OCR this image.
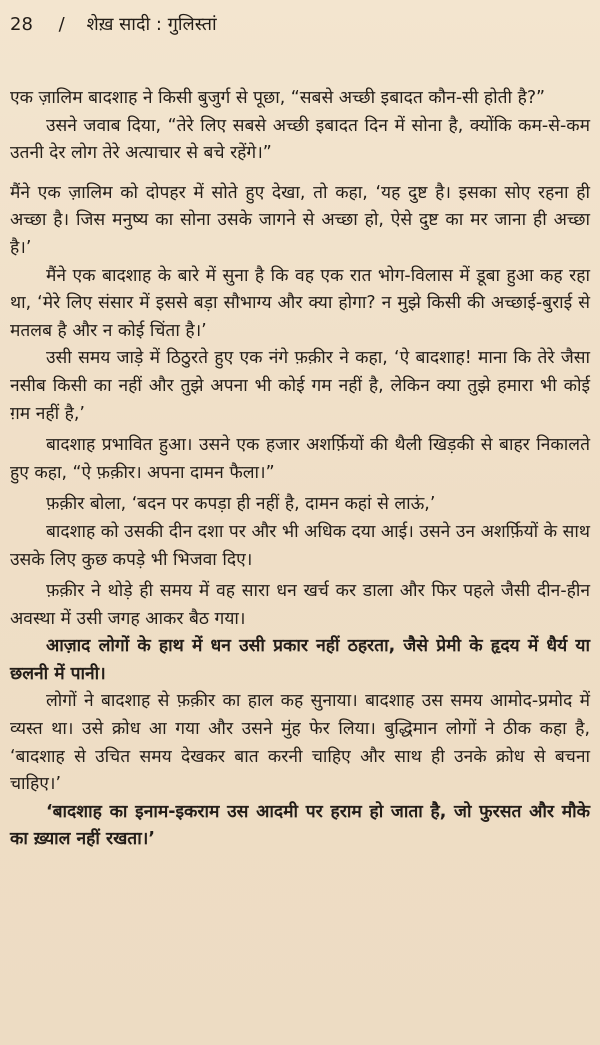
28 / शेख़ सादी : गुलिस्तां

एक ज़ालिम बादशाह ने किसी बुजुर्ग से पूछा, “सबसे अच्छी इबादत कौन-सी होती है?”

उसने जवाब दिया, “तेरे लिए सबसे अच्छी इबादत दिन में सोना है, क्योंकि कम-से-कम उतनी देर लोग तेरे अत्याचार से बचे रहेंगे।”

मैंने एक ज़ालिम को दोपहर में सोते हुए देखा, तो कहा, ‘यह दुष्ट है। इसका सोए रहना ही अच्छा है। जिस मनुष्य का सोना उसके जागने से अच्छा हो, ऐसे दुष्ट का मर जाना ही अच्छा है।’

मैंने एक बादशाह के बारे में सुना है कि वह एक रात भोग-विलास में डूबा हुआ कह रहा था, ‘मेरे लिए संसार में इससे बड़ा सौभाग्य और क्या होगा? न मुझे किसी की अच्छाई-बुराई से मतलब है और न कोई चिंता है।’

उसी समय जाड़े में ठिठुरते हुए एक नंगे फ़क़ीर ने कहा, ‘ऐ बादशाह! माना कि तेरे जैसा नसीब किसी का नहीं और तुझे अपना भी कोई गम नहीं है, लेकिन क्या तुझे हमारा भी कोई ग़म नहीं है,’

बादशाह प्रभावित हुआ। उसने एक हजार अशर्फ़ियों की थैली खिड़की से बाहर निकालते हुए कहा, “ऐ फ़क़ीर। अपना दामन फैला।”

फ़क़ीर बोला, ‘बदन पर कपड़ा ही नहीं है, दामन कहां से लाऊं,’

बादशाह को उसकी दीन दशा पर और भी अधिक दया आई। उसने उन अशर्फ़ियों के साथ उसके लिए कुछ कपड़े भी भिजवा दिए।

फ़क़ीर ने थोड़े ही समय में वह सारा धन खर्च कर डाला और फिर पहले जैसी दीन-हीन अवस्था में उसी जगह आकर बैठ गया।

आज़ाद लोगों के हाथ में धन उसी प्रकार नहीं ठहरता, जैसे प्रेमी के हृदय में धैर्य या छलनी में पानी।

लोगों ने बादशाह से फ़क़ीर का हाल कह सुनाया। बादशाह उस समय आमोद-प्रमोद में व्यस्त था। उसे क्रोध आ गया और उसने मुंह फेर लिया। बुद्धिमान लोगों ने ठीक कहा है, ‘बादशाह से उचित समय देखकर बात करनी चाहिए और साथ ही उनके क्रोध से बचना चाहिए।’

‘बादशाह का इनाम-इकराम उस आदमी पर हराम हो जाता है, जो फुरसत और मौके का ख़्याल नहीं रखता।’
